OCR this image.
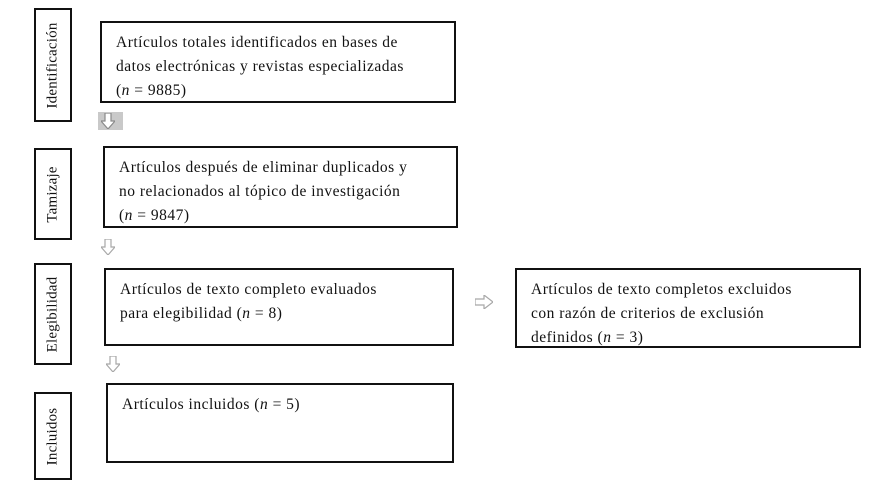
Identificación
Tamizaje
Elegibilidad
Incluidos
Artículos totales identificados en bases de
datos electrónicas y revistas especializadas
(n = 9885)
Artículos después de eliminar duplicados y
no relacionados al tópico de investigación
(n = 9847)
Artículos de texto completo evaluados
para elegibilidad (n = 8)
Artículos de texto completos excluidos
con razón de criterios de exclusión
definidos (n = 3)
Artículos incluidos (n = 5)
